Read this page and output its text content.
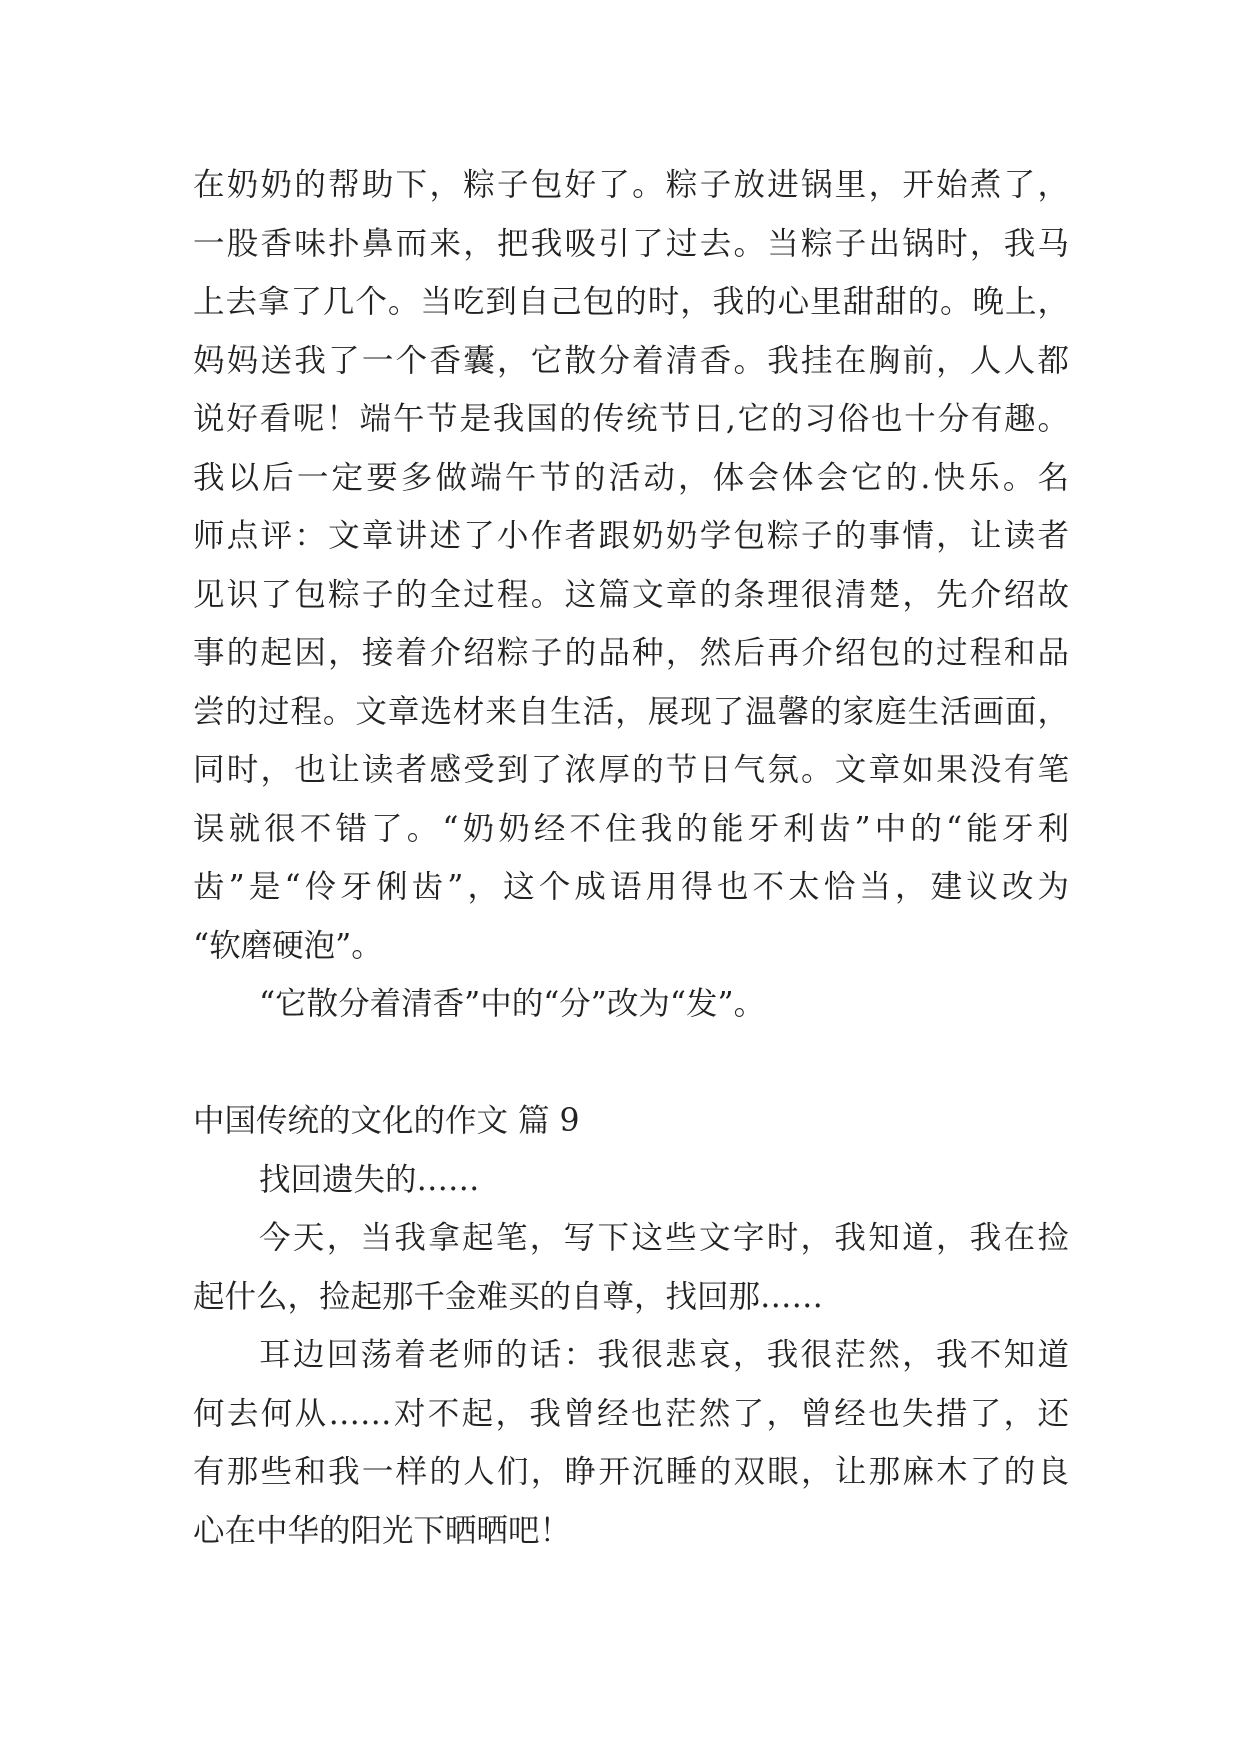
在奶奶的帮助下，粽子包好了。粽子放进锅里，开始煮了，
一股香味扑鼻而来，把我吸引了过去。当粽子出锅时，我马
上去拿了几个。当吃到自己包的时，我的心里甜甜的。晚上，
妈妈送我了一个香囊，它散分着清香。我挂在胸前，人人都
说好看呢！端午节是我国的传统节日,它的习俗也十分有趣。
我以后一定要多做端午节的活动，体会体会它的.快乐。名
师点评：文章讲述了小作者跟奶奶学包粽子的事情，让读者
见识了包粽子的全过程。这篇文章的条理很清楚，先介绍故
事的起因，接着介绍粽子的品种，然后再介绍包的过程和品
尝的过程。文章选材来自生活，展现了温馨的家庭生活画面，
同时，也让读者感受到了浓厚的节日气氛。文章如果没有笔
误就很不错了。“奶奶经不住我的能牙利齿”中的“能牙利
齿”是“伶牙俐齿”，这个成语用得也不太恰当，建议改为
“软磨硬泡”。
“它散分着清香”中的“分”改为“发”。
中国传统的文化的作文 篇 9
找回遗失的……
今天，当我拿起笔，写下这些文字时，我知道，我在捡
起什么，捡起那千金难买的自尊，找回那……
耳边回荡着老师的话：我很悲哀，我很茫然，我不知道
何去何从……对不起，我曾经也茫然了，曾经也失措了，还
有那些和我一样的人们，睁开沉睡的双眼，让那麻木了的良
心在中华的阳光下晒晒吧！
